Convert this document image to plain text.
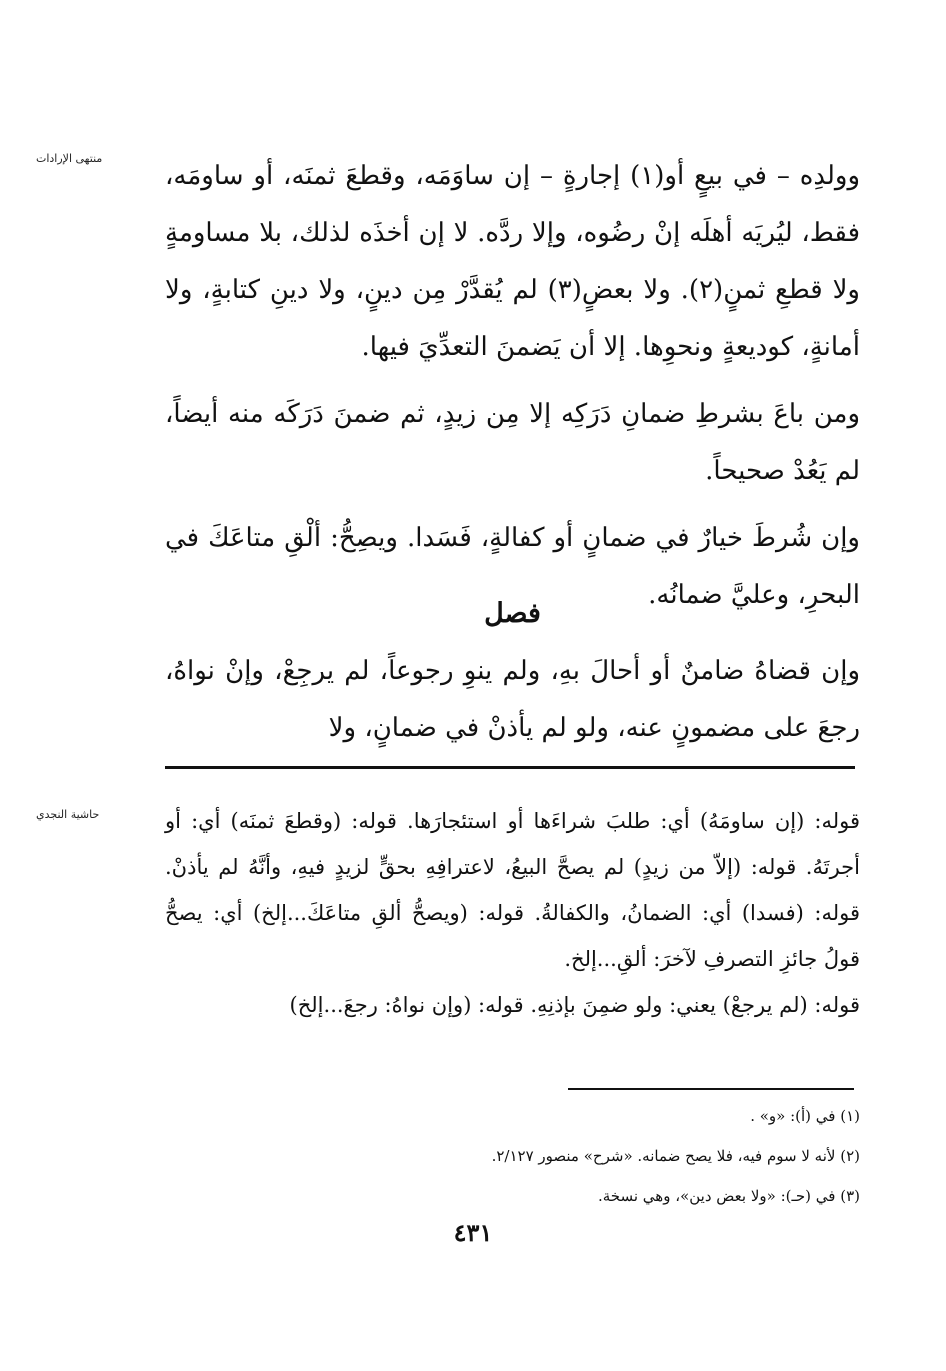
منتهى الإرادات

وولدِه – في بيعٍ أو(١) إجارةٍ – إن ساوَمَه، وقطعَ ثمنَه، أو ساومَه، فقط، ليُريَه أهلَه إنْ رضُوه، وإلا ردَّه. لا إن أخذَه لذلك، بلا مساومةٍ ولا قطعِ ثمنٍ(٢). ولا بعضٍ(٣) لم يُقدَّرْ مِن دينٍ، ولا دينِ كتابةٍ، ولا أمانةٍ، كوديعةٍ ونحوِها. إلا أن يَضمنَ التعدِّيَ فيها.

ومن باعَ بشرطِ ضمانِ دَرَكِه إلا مِن زيدٍ، ثم ضمنَ دَرَكَه منه أيضاً، لم يَعُدْ صحيحاً.

وإن شُرطَ خيارٌ في ضمانٍ أو كفالةٍ، فَسَدا. ويصِحُّ: ألْقِ متاعَكَ في البحرِ، وعليَّ ضمانُه.

فصل

وإن قضاهُ ضامنٌ أو أحالَ بهِ، ولم ينوِ رجوعاً، لم يرجِعْ، وإنْ نواهُ، رجعَ على مضمونٍ عنه، ولو لم يأذنْ في ضمانٍ، ولا

حاشية النجدي	قوله: (إن ساومَهُ) أي: طلبَ شراءَها أو استئجارَها. قوله: (وقطعَ ثمنَه) أي: أو أجرتَهُ. قوله: (إلاّ من زيدٍ) لم يصحَّ البيعُ، لاعترافِهِ بحقٍّ لزيدٍ فيهِ، وأنَّهُ لم يأذنْ. قوله: (فسدا) أي: الضمانُ، والكفالةُ. قوله: (ويصحُّ ألقِ متاعَكَ...إلخ) أي: يصحُّ قولُ جائزِ التصرفِ لآخرَ: ألقِ...إلخ.

قوله: (لم يرجعْ) يعني: ولو ضمِنَ بإذنِهِ. قوله: (وإن نواهُ: رجعَ...إلخ)

(١) في (أ): «و» .

(٢) لأنه لا سوم فيه، فلا يصح ضمانه. «شرح» منصور ٢/١٢٧.

(٣) في (حـ): «ولا بعض دين»، وهي نسخة.

٤٣١
